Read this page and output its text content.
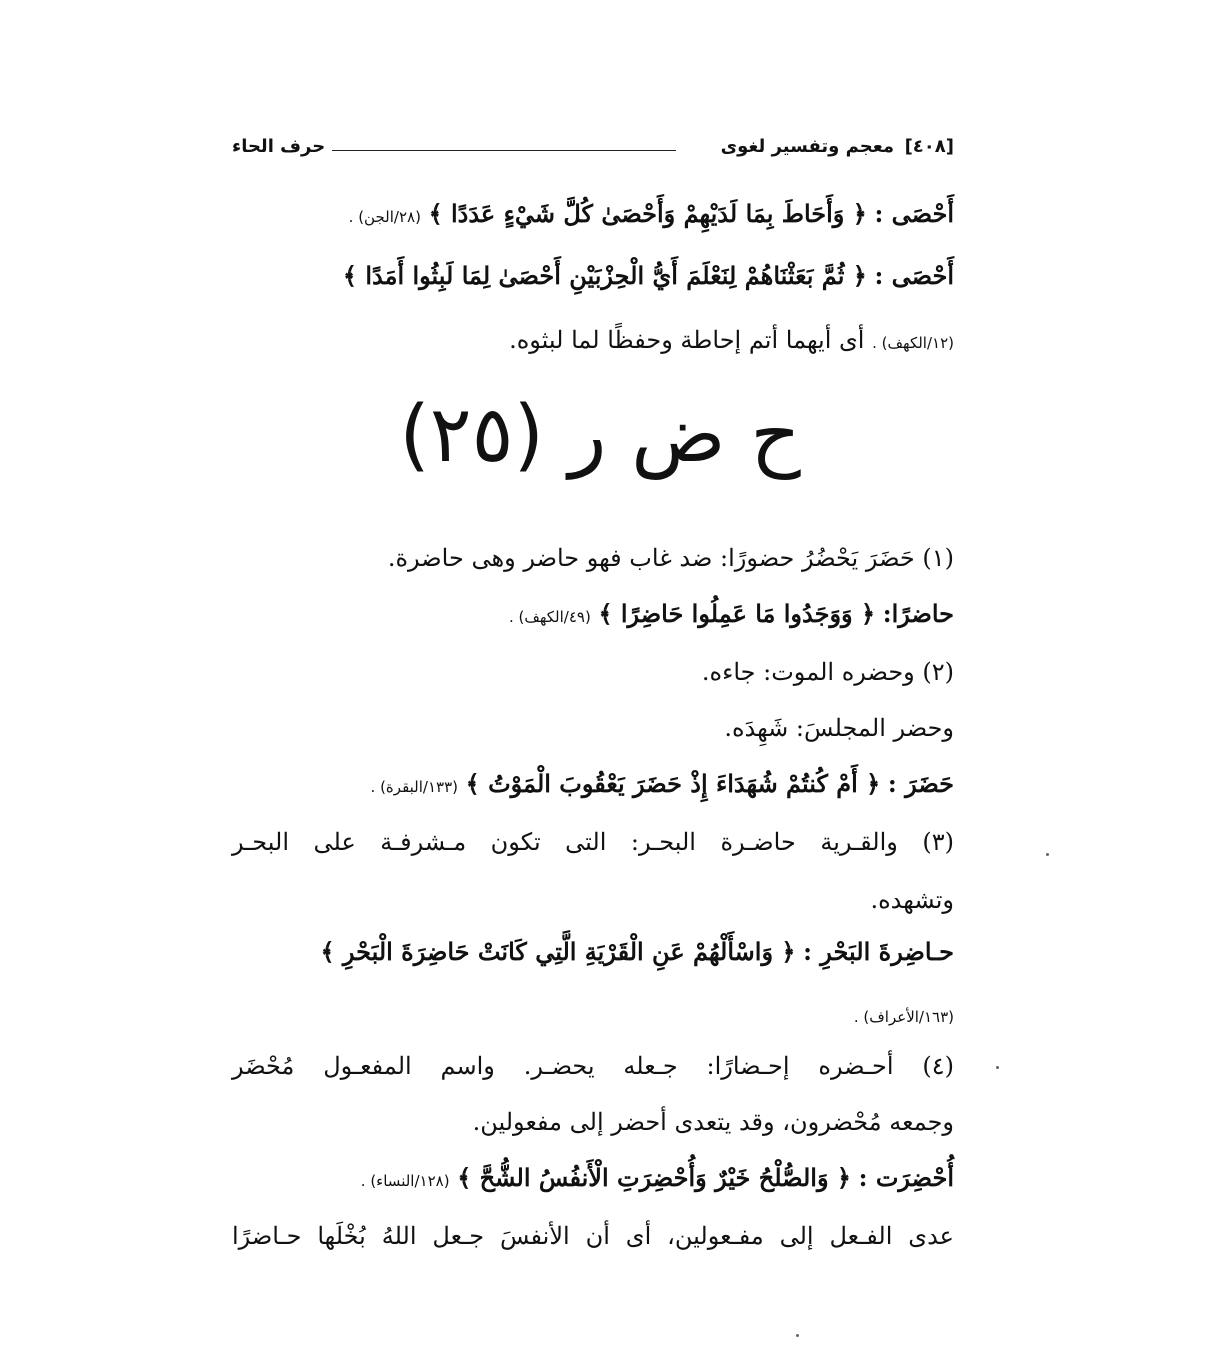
[٤٠٨]
معجم وتفسير لغوى
حرف الحاء
أَحْصَى : ﴿ وَأَحَاطَ بِمَا لَدَيْهِمْ وَأَحْصَىٰ كُلَّ شَيْءٍ عَدَدًا ﴾ (٢٨/الجن) .
أَحْصَى : ﴿ ثُمَّ بَعَثْنَاهُمْ لِنَعْلَمَ أَيُّ الْحِزْبَيْنِ أَحْصَىٰ لِمَا لَبِثُوا أَمَدًا ﴾
(١٢/الكهف) . أى أيهما أتم إحاطة وحفظًا لما لبثوه.
ح ض ر (٢٥)
(١) حَضَرَ يَحْضُرُ حضورًا: ضد غاب فهو حاضر وهى حاضرة.
حاضرًا: ﴿ وَوَجَدُوا مَا عَمِلُوا حَاضِرًا ﴾ (٤٩/الكهف) .
(٢) وحضره الموت: جاءه.
وحضر المجلسَ: شَهِدَه.
حَضَرَ : ﴿ أَمْ كُنتُمْ شُهَدَاءَ إِذْ حَضَرَ يَعْقُوبَ الْمَوْتُ ﴾ (١٣٣/البقرة) .
(٣) والقـرية حاضـرة البحـر: التى تكون مـشرفـة على البحـر
وتشهده.
حـاضِرةَ البَحْرِ : ﴿ وَاسْأَلْهُمْ عَنِ الْقَرْيَةِ الَّتِي كَانَتْ حَاضِرَةَ الْبَحْرِ ﴾
(١٦٣/الأعراف) .
(٤) أحـضره إحـضارًا: جـعله يحضـر. واسم المفعـول مُحْضَر
وجمعه مُحْضرون، وقد يتعدى أحضر إلى مفعولين.
أُحْضِرَت : ﴿ وَالصُّلْحُ خَيْرٌ وَأُحْضِرَتِ الْأَنفُسُ الشُّحَّ ﴾ (١٢٨/النساء) .
عدى الفـعل إلى مفـعولين، أى أن الأنفسَ جـعل اللهُ بُخْلَها حـاضرًا
